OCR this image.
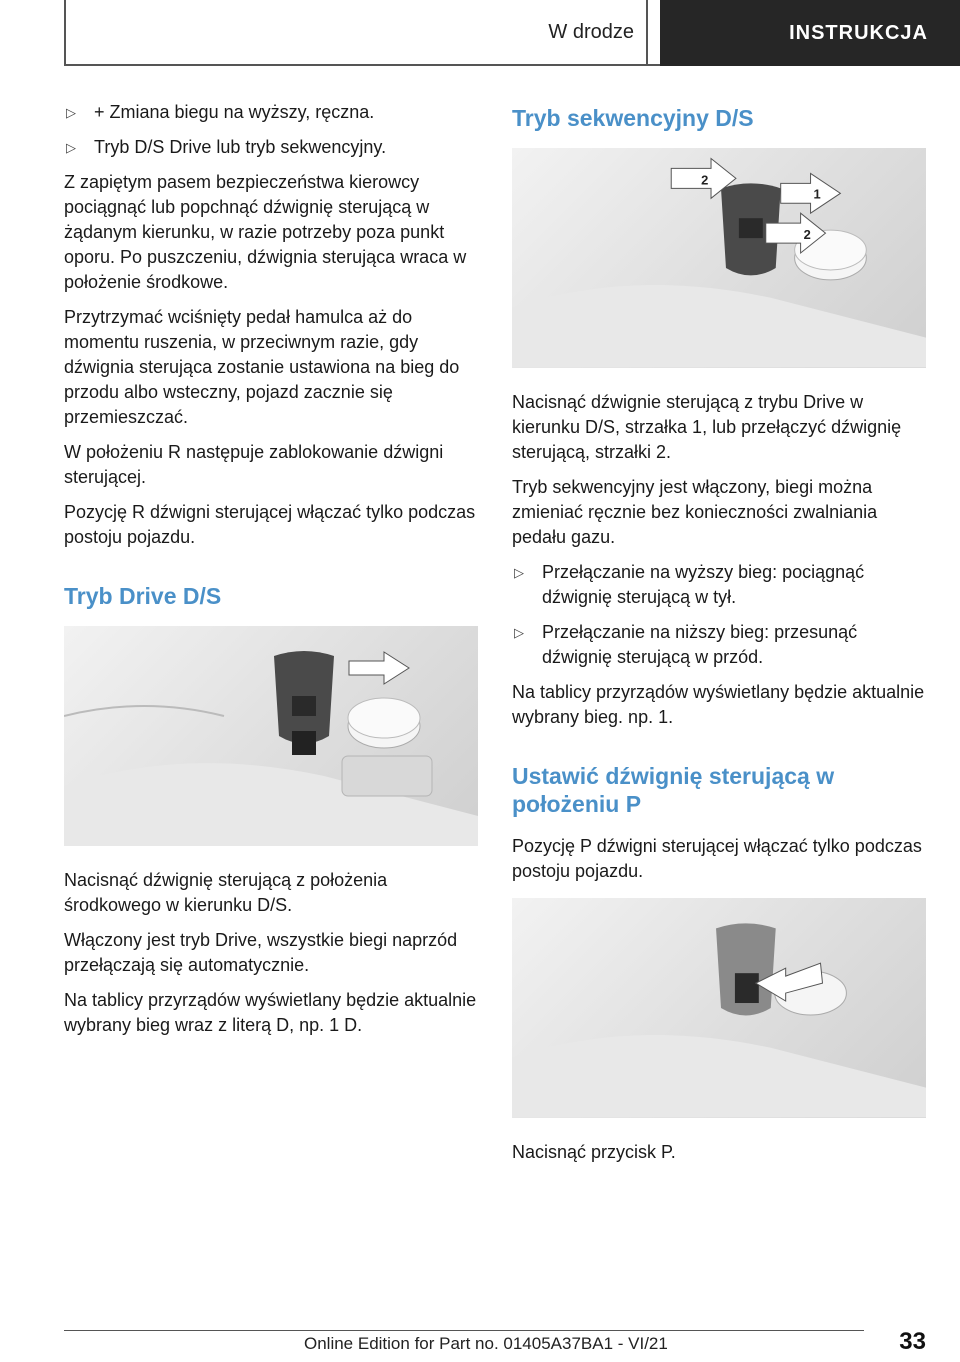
W drodze	INSTRUKCJA
▷ + Zmiana biegu na wyższy, ręczna.
▷ Tryb D/S Drive lub tryb sekwencyjny.

Z zapiętym pasem bezpieczeństwa kierowcy pociągnąć lub popchnąć dźwignię sterującą w żądanym kierunku, w razie potrzeby poza punkt oporu. Po puszczeniu, dźwignia sterująca wraca w położenie środkowe.

Przytrzymać wciśnięty pedał hamulca aż do momentu ruszenia, w przeciwnym razie, gdy dźwignia sterująca zostanie ustawiona na bieg do przodu albo wsteczny, pojazd zacznie się przemieszczać.

W położeniu R następuje zablokowanie dźwigni sterującej.

Pozycję R dźwigni sterującej włączać tylko podczas postoju pojazdu.

Tryb Drive D/S

Nacisnąć dźwignię sterującą z położenia środkowego w kierunku D/S.

Włączony jest tryb Drive, wszystkie biegi naprzód przełączają się automatycznie.

Na tablicy przyrządów wyświetlany będzie aktualnie wybrany bieg wraz z literą D, np. 1 D.

Tryb sekwencyjny D/S
2
1
2

Nacisnąć dźwignie sterującą z trybu Drive w kierunku D/S, strzałka 1, lub przełączyć dźwignię sterującą, strzałki 2.

Tryb sekwencyjny jest włączony, biegi można zmieniać ręcznie bez konieczności zwalniania pedału gazu.

▷ Przełączanie na wyższy bieg: pociągnąć dźwignię sterującą w tył.
▷ Przełączanie na niższy bieg: przesunąć dźwignię sterującą w przód.

Na tablicy przyrządów wyświetlany będzie aktualnie wybrany bieg. np. 1.

Ustawić dźwignię sterującą w położeniu P

Pozycję P dźwigni sterującej włączać tylko podczas postoju pojazdu.

Nacisnąć przycisk P.

33
Online Edition for Part no. 01405A37BA1 - VI/21
